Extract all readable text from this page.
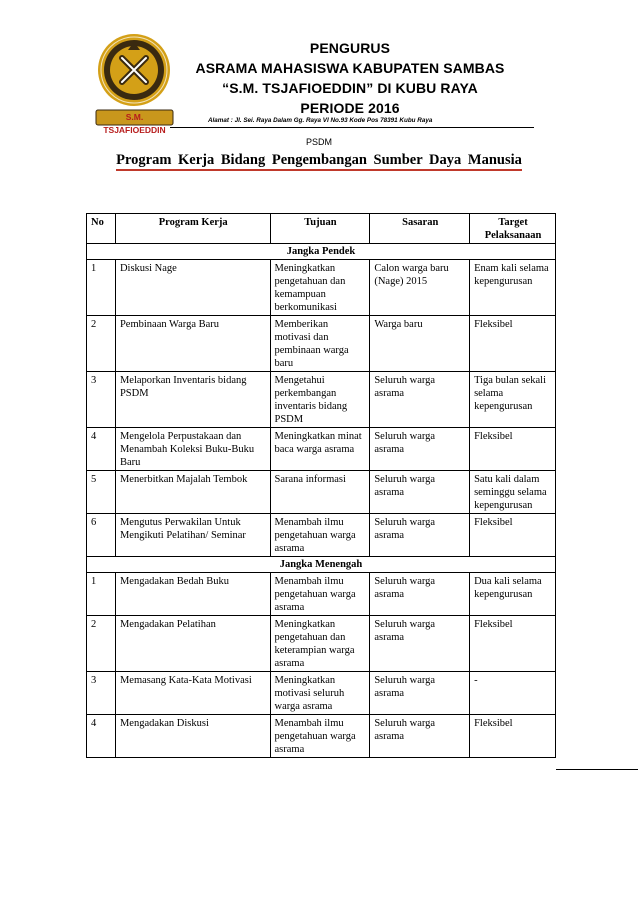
S.M. TSJAFIOEDDIN
PENGURUS
ASRAMA MAHASISWA KABUPATEN SAMBAS
“S.M. TSJAFIOEDDIN” DI KUBU RAYA
PERIODE 2016
Alamat : Jl. Sei. Raya Dalam Gg. Raya VI No.93 Kode Pos 78391 Kubu Raya
PSDM
Program Kerja Bidang Pengembangan Sumber Daya Manusia
No	Program Kerja	Tujuan	Sasaran	Target Pelaksanaan
Jangka Pendek				
1	Diskusi Nage	Meningkatkan pengetahuan dan kemampuan berkomunikasi	Calon warga baru (Nage) 2015	Enam kali selama kepengurusan
2	Pembinaan Warga Baru	Memberikan motivasi dan pembinaan warga baru	Warga baru	Fleksibel
3	Melaporkan Inventaris bidang PSDM	Mengetahui perkembangan inventaris bidang PSDM	Seluruh warga asrama	Tiga bulan sekali selama kepengurusan
4	Mengelola Perpustakaan dan Menambah Koleksi Buku-Buku Baru	Meningkatkan minat baca warga asrama	Seluruh warga asrama	Fleksibel
5	Menerbitkan Majalah Tembok	Sarana informasi	Seluruh warga asrama	Satu kali dalam seminggu selama kepengurusan
6	Mengutus Perwakilan Untuk Mengikuti Pelatihan/ Seminar	Menambah ilmu pengetahuan warga asrama	Seluruh warga asrama	Fleksibel
Jangka Menengah				
1	Mengadakan Bedah Buku	Menambah ilmu pengetahuan warga asrama	Seluruh warga asrama	Dua kali selama kepengurusan
2	Mengadakan Pelatihan	Meningkatkan pengetahuan dan keterampian warga asrama	Seluruh warga asrama	Fleksibel
3	Memasang Kata-Kata Motivasi	Meningkatkan motivasi seluruh warga asrama	Seluruh warga asrama	-
4	Mengadakan Diskusi	Menambah ilmu pengetahuan warga asrama	Seluruh warga asrama	Fleksibel
